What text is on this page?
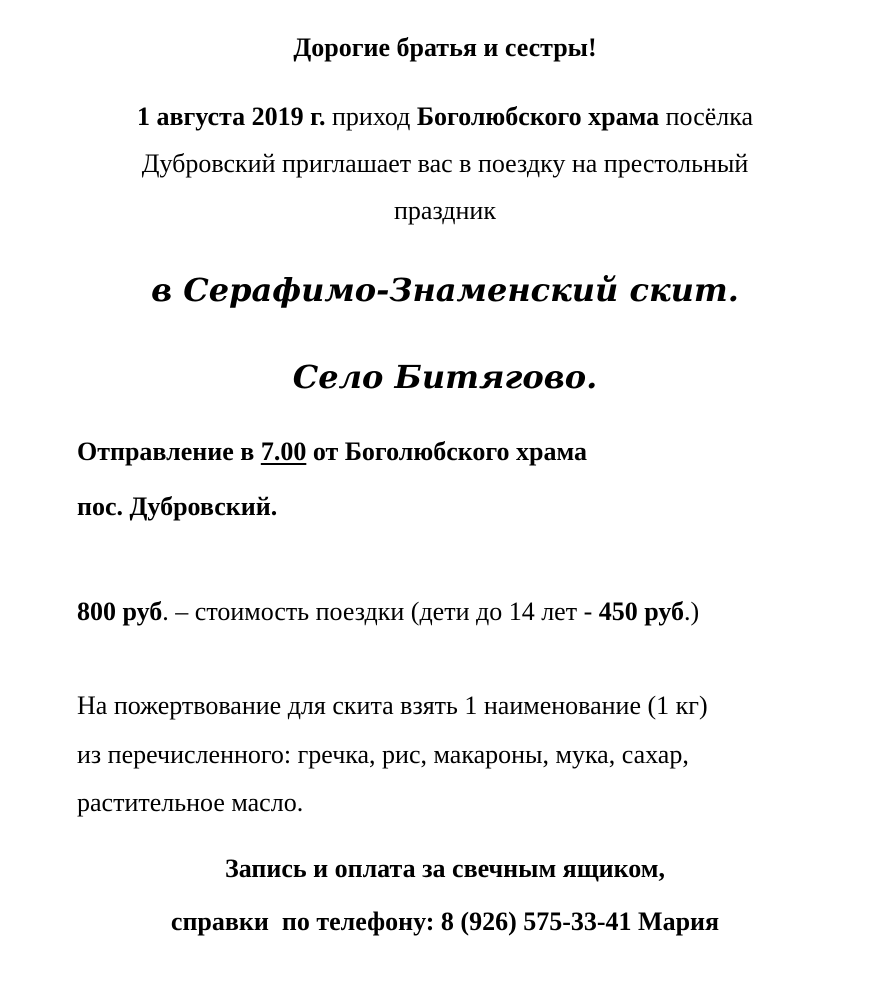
Дорогие братья и сестры!

1 августа 2019 г. приход Боголюбского храма посёлка

Дубровский приглашает вас в поездку на престольный

праздник

в Серафимо-Знаменский скит.

Село Битягово.

Отправление в 7.00 от Боголюбского храма

пос. Дубровский.

800 руб. – стоимость поездки (дети до 14 лет - 450 руб.)

На пожертвование для скита взять 1 наименование (1 кг)

из перечисленного: гречка, рис, макароны, мука, сахар,

растительное масло.

Запись и оплата за свечным ящиком,

справки  по телефону: 8 (926) 575-33-41 Мария
